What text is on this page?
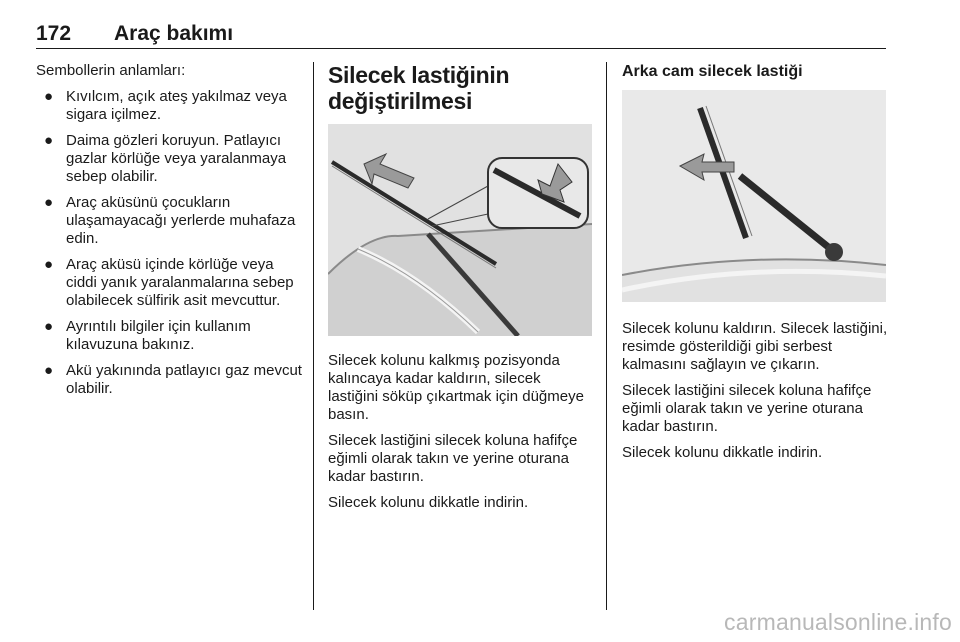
172 Araç bakımı

Sembollerin anlamları:

● Kıvılcım, açık ateş yakılmaz veya sigara içilmez.
● Daima gözleri koruyun. Patlayıcı gazlar körlüğe veya yaralanmaya sebep olabilir.
● Araç aküsünü çocukların ulaşamayacağı yerlerde muhafaza edin.
● Araç aküsü içinde körlüğe veya ciddi yanık yaralanmalarına sebep olabilecek sülfirik asit mevcuttur.
● Ayrıntılı bilgiler için kullanım kılavuzuna bakınız.
● Akü yakınında patlayıcı gaz mevcut olabilir.
Silecek lastiğinin değiştirilmesi

Silecek kolunu kalkmış pozisyonda kalıncaya kadar kaldırın, silecek lastiğini söküp çıkartmak için düğmeye basın.

Silecek lastiğini silecek koluna hafifçe eğimli olarak takın ve yerine oturana kadar bastırın.

Silecek kolunu dikkatle indirin.

Arka cam silecek lastiği

Silecek kolunu kaldırın. Silecek lastiğini, resimde gösterildiği gibi serbest kalmasını sağlayın ve çıkarın.

Silecek lastiğini silecek koluna hafifçe eğimli olarak takın ve yerine oturana kadar bastırın.

Silecek kolunu dikkatle indirin.

carmanualsonline.info
